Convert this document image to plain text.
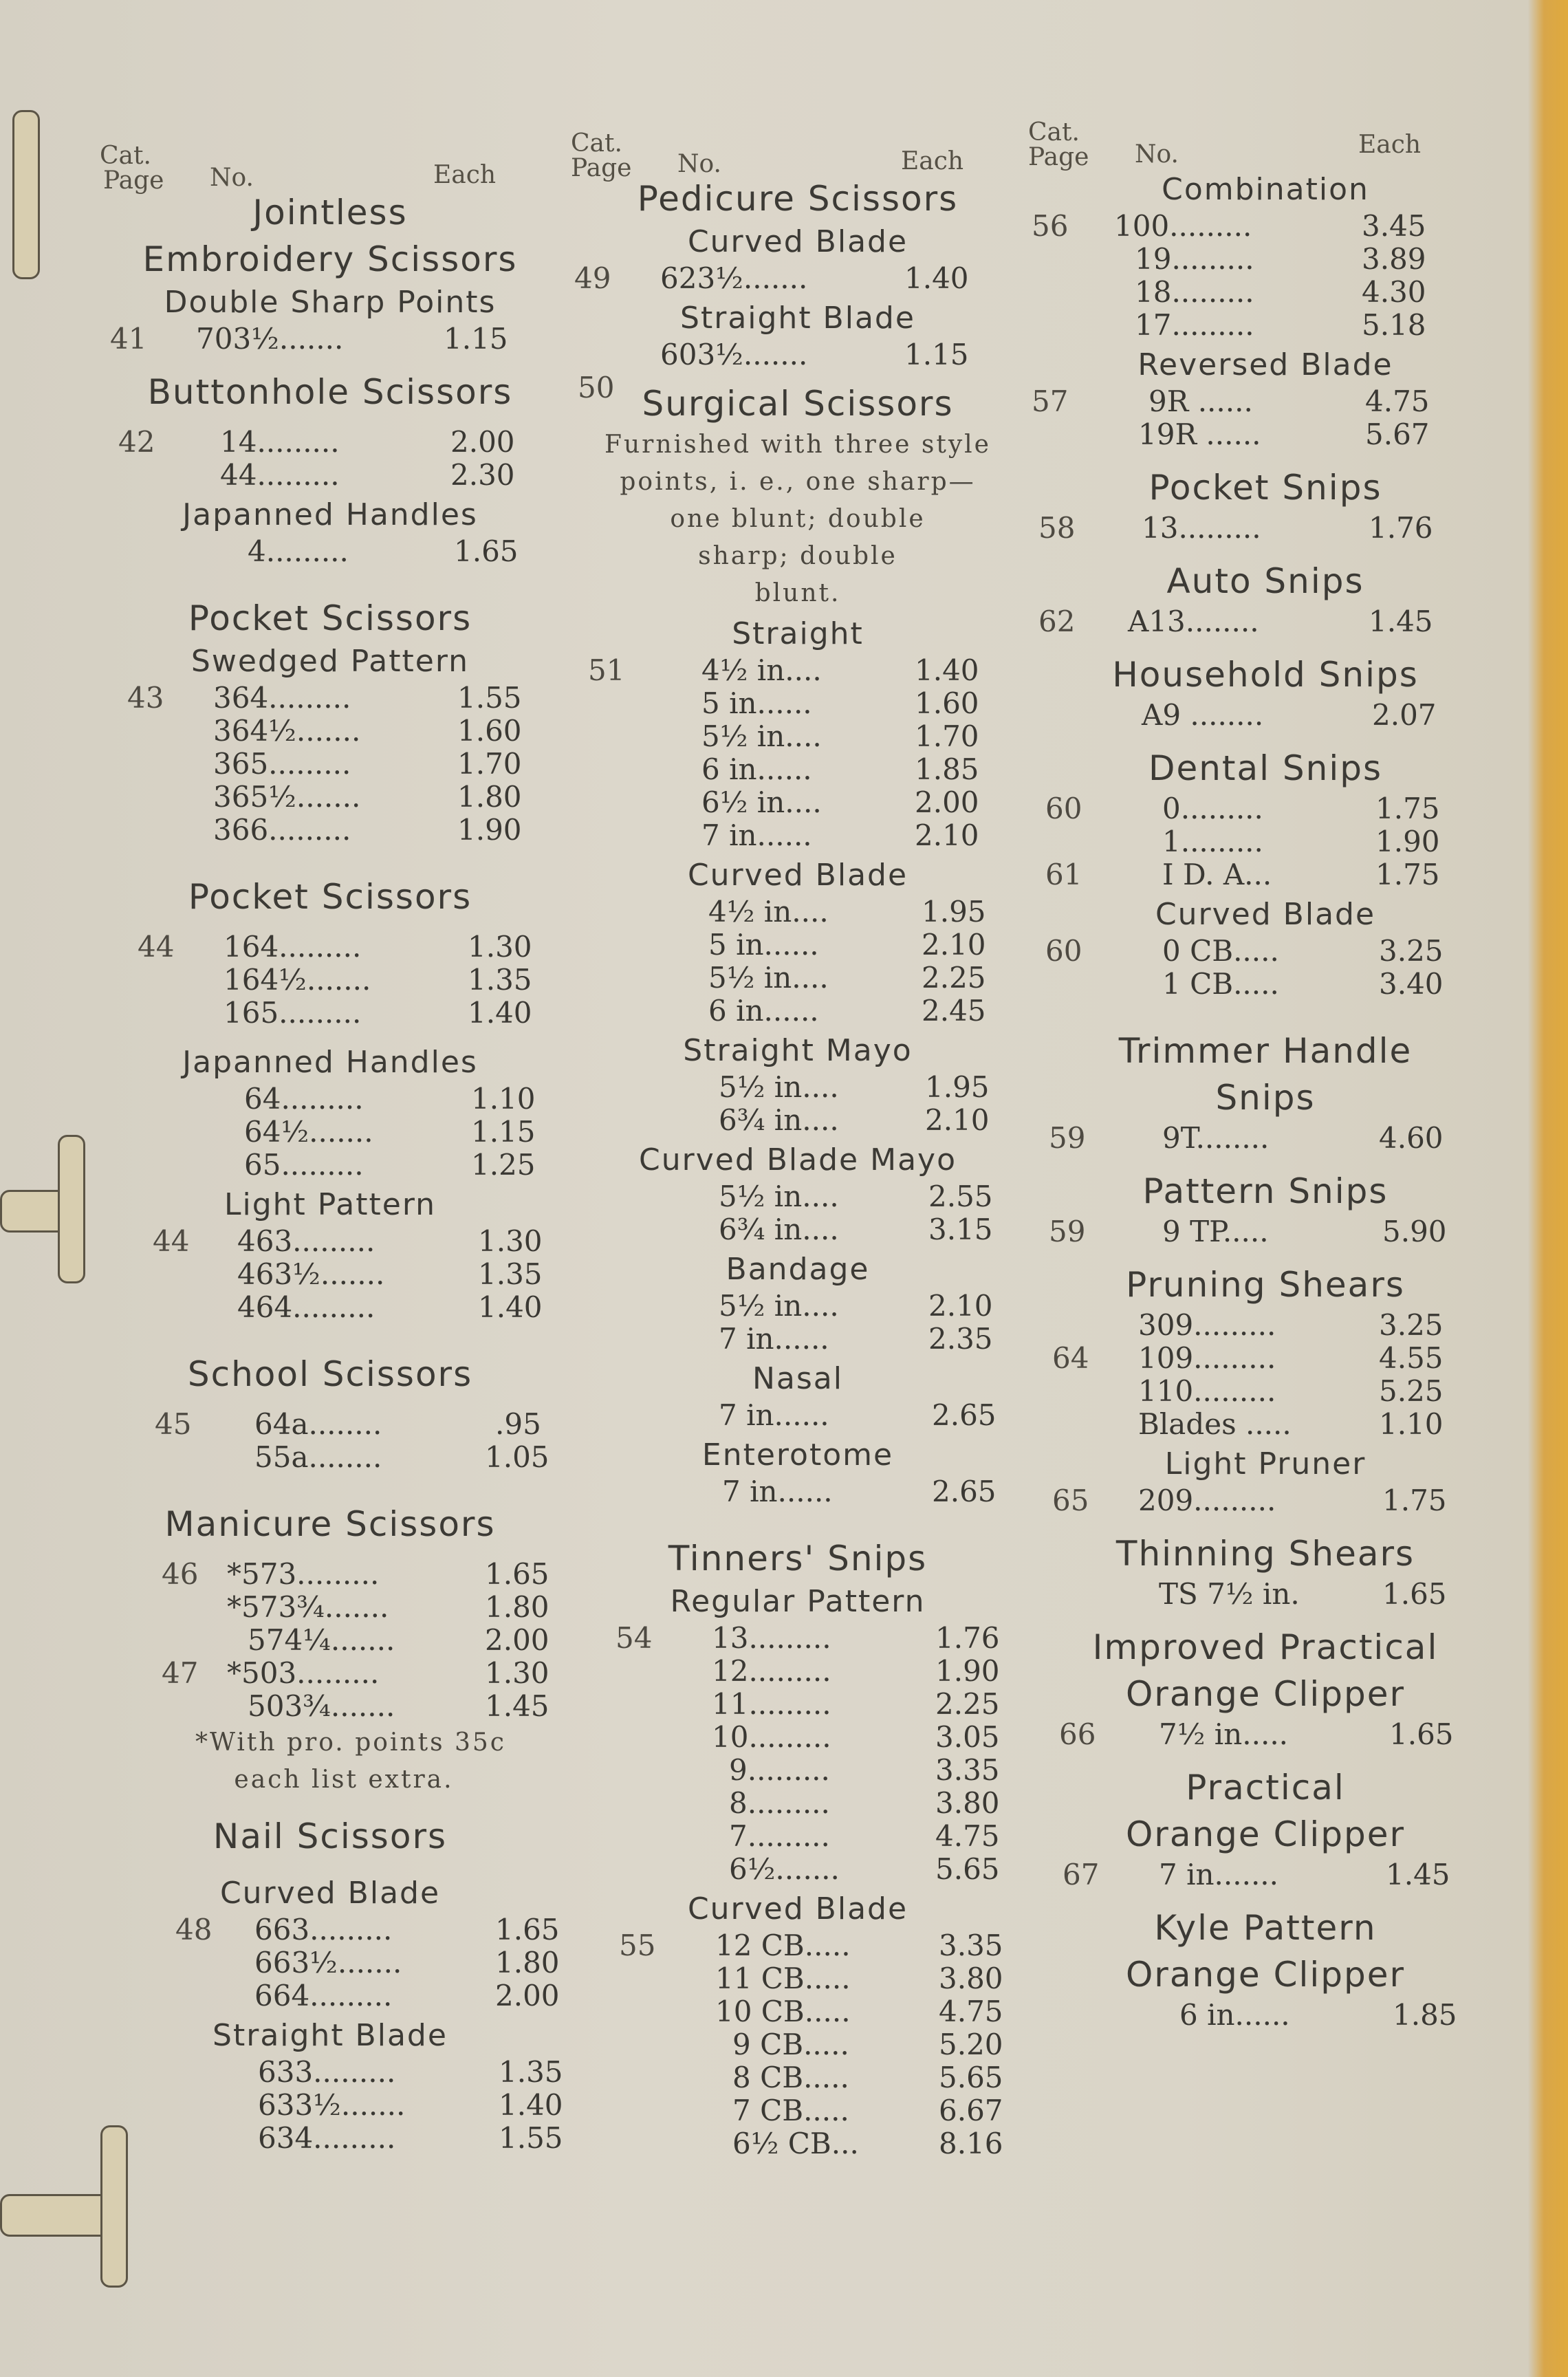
Cat.
Page No.	Each
Jointless
Embroidery Scissors
Double Sharp Points
41 703½.......	1.15
Buttonhole Scissors
42 14.........	2.00
44.........	2.30
Japanned Handles
4.........	1.65
Pocket Scissors
Swedged Pattern
43 364.........	1.55
364½.......	1.60
365.........	1.70
365½.......	1.80
366.........	1.90
Pocket Scissors
44 164.........	1.30
164½.......	1.35
165.........	1.40
Japanned Handles
64.........	1.10
64½.......	1.15
65.........	1.25
Light Pattern
44 463.........	1.30
463½.......	1.35
464.........	1.40
School Scissors
45 64a........	.95
55a........	1.05
Manicure Scissors
46 *573.........	1.65
*573¾.......	1.80
574¼.......	2.00
47 *503.........	1.30
503¾.......	1.45
*With pro. points 35c
each list extra.
Nail Scissors
Curved Blade
48 663.........	1.65
663½.......	1.80
664.........	2.00
Straight Blade
633.........	1.35
633½.......	1.40
634.........	1.55
Cat.
Page No.	Each
Pedicure Scissors
Curved Blade
49 623½.......	1.40
Straight Blade
603½.......	1.15
50 Surgical Scissors
Furnished with three style
points, i. e., one sharp—
one blunt; double
sharp; double
blunt.
Straight
51	4½ in....	1.40
5 in......	1.60
5½ in....	1.70
6 in......	1.85
6½ in....	2.00
7 in......	2.10
Curved Blade
4½ in....	1.95
5 in......	2.10
5½ in....	2.25
6 in......	2.45
Straight Mayo
5½ in....	1.95
6¾ in....	2.10
Curved Blade Mayo
5½ in....	2.55
6¾ in....	3.15
Bandage
5½ in....	2.10
7 in......	2.35
Nasal
7 in......	2.65
Enterotome
7 in......	2.65
Tinners' Snips
Regular Pattern
54 13.........	1.76
12.........	1.90
11.........	2.25
10.........	3.05
9.........	3.35
8.........	3.80
7.........	4.75
6½.......	5.65
Curved Blade
55 12 CB.....	3.35
11 CB.....	3.80
10 CB.....	4.75
9 CB.....	5.20
8 CB.....	5.65
7 CB.....	6.67
6½ CB...	8.16
Cat.
Page No.	Each
Combination
56 100.........	3.45
19.........	3.89
18.........	4.30
17.........	5.18
Reversed Blade
57	9R ......	4.75
19R ......	5.67
Pocket Snips
58 13.........	1.76
Auto Snips
62 A13........	1.45
Household Snips
A9 ........	2.07
Dental Snips
60	0.........	1.75
1.........	1.90
61	I D. A...	1.75
Curved Blade
60	0 CB.....	3.25
1 CB.....	3.40
Trimmer Handle
Snips
59	9T........	4.60
Pattern Snips
59	9 TP.....	5.90
Pruning Shears
309.........	3.25
64 109.........	4.55
110.........	5.25
Blades .....	1.10
Light Pruner
65 209.........	1.75
Thinning Shears
TS 7½ in.	1.65
Improved Practical
Orange Clipper
66 7½ in.....	1.65
Practical
Orange Clipper
67 7 in.......	1.45
Kyle Pattern
Orange Clipper
6 in......	1.85
